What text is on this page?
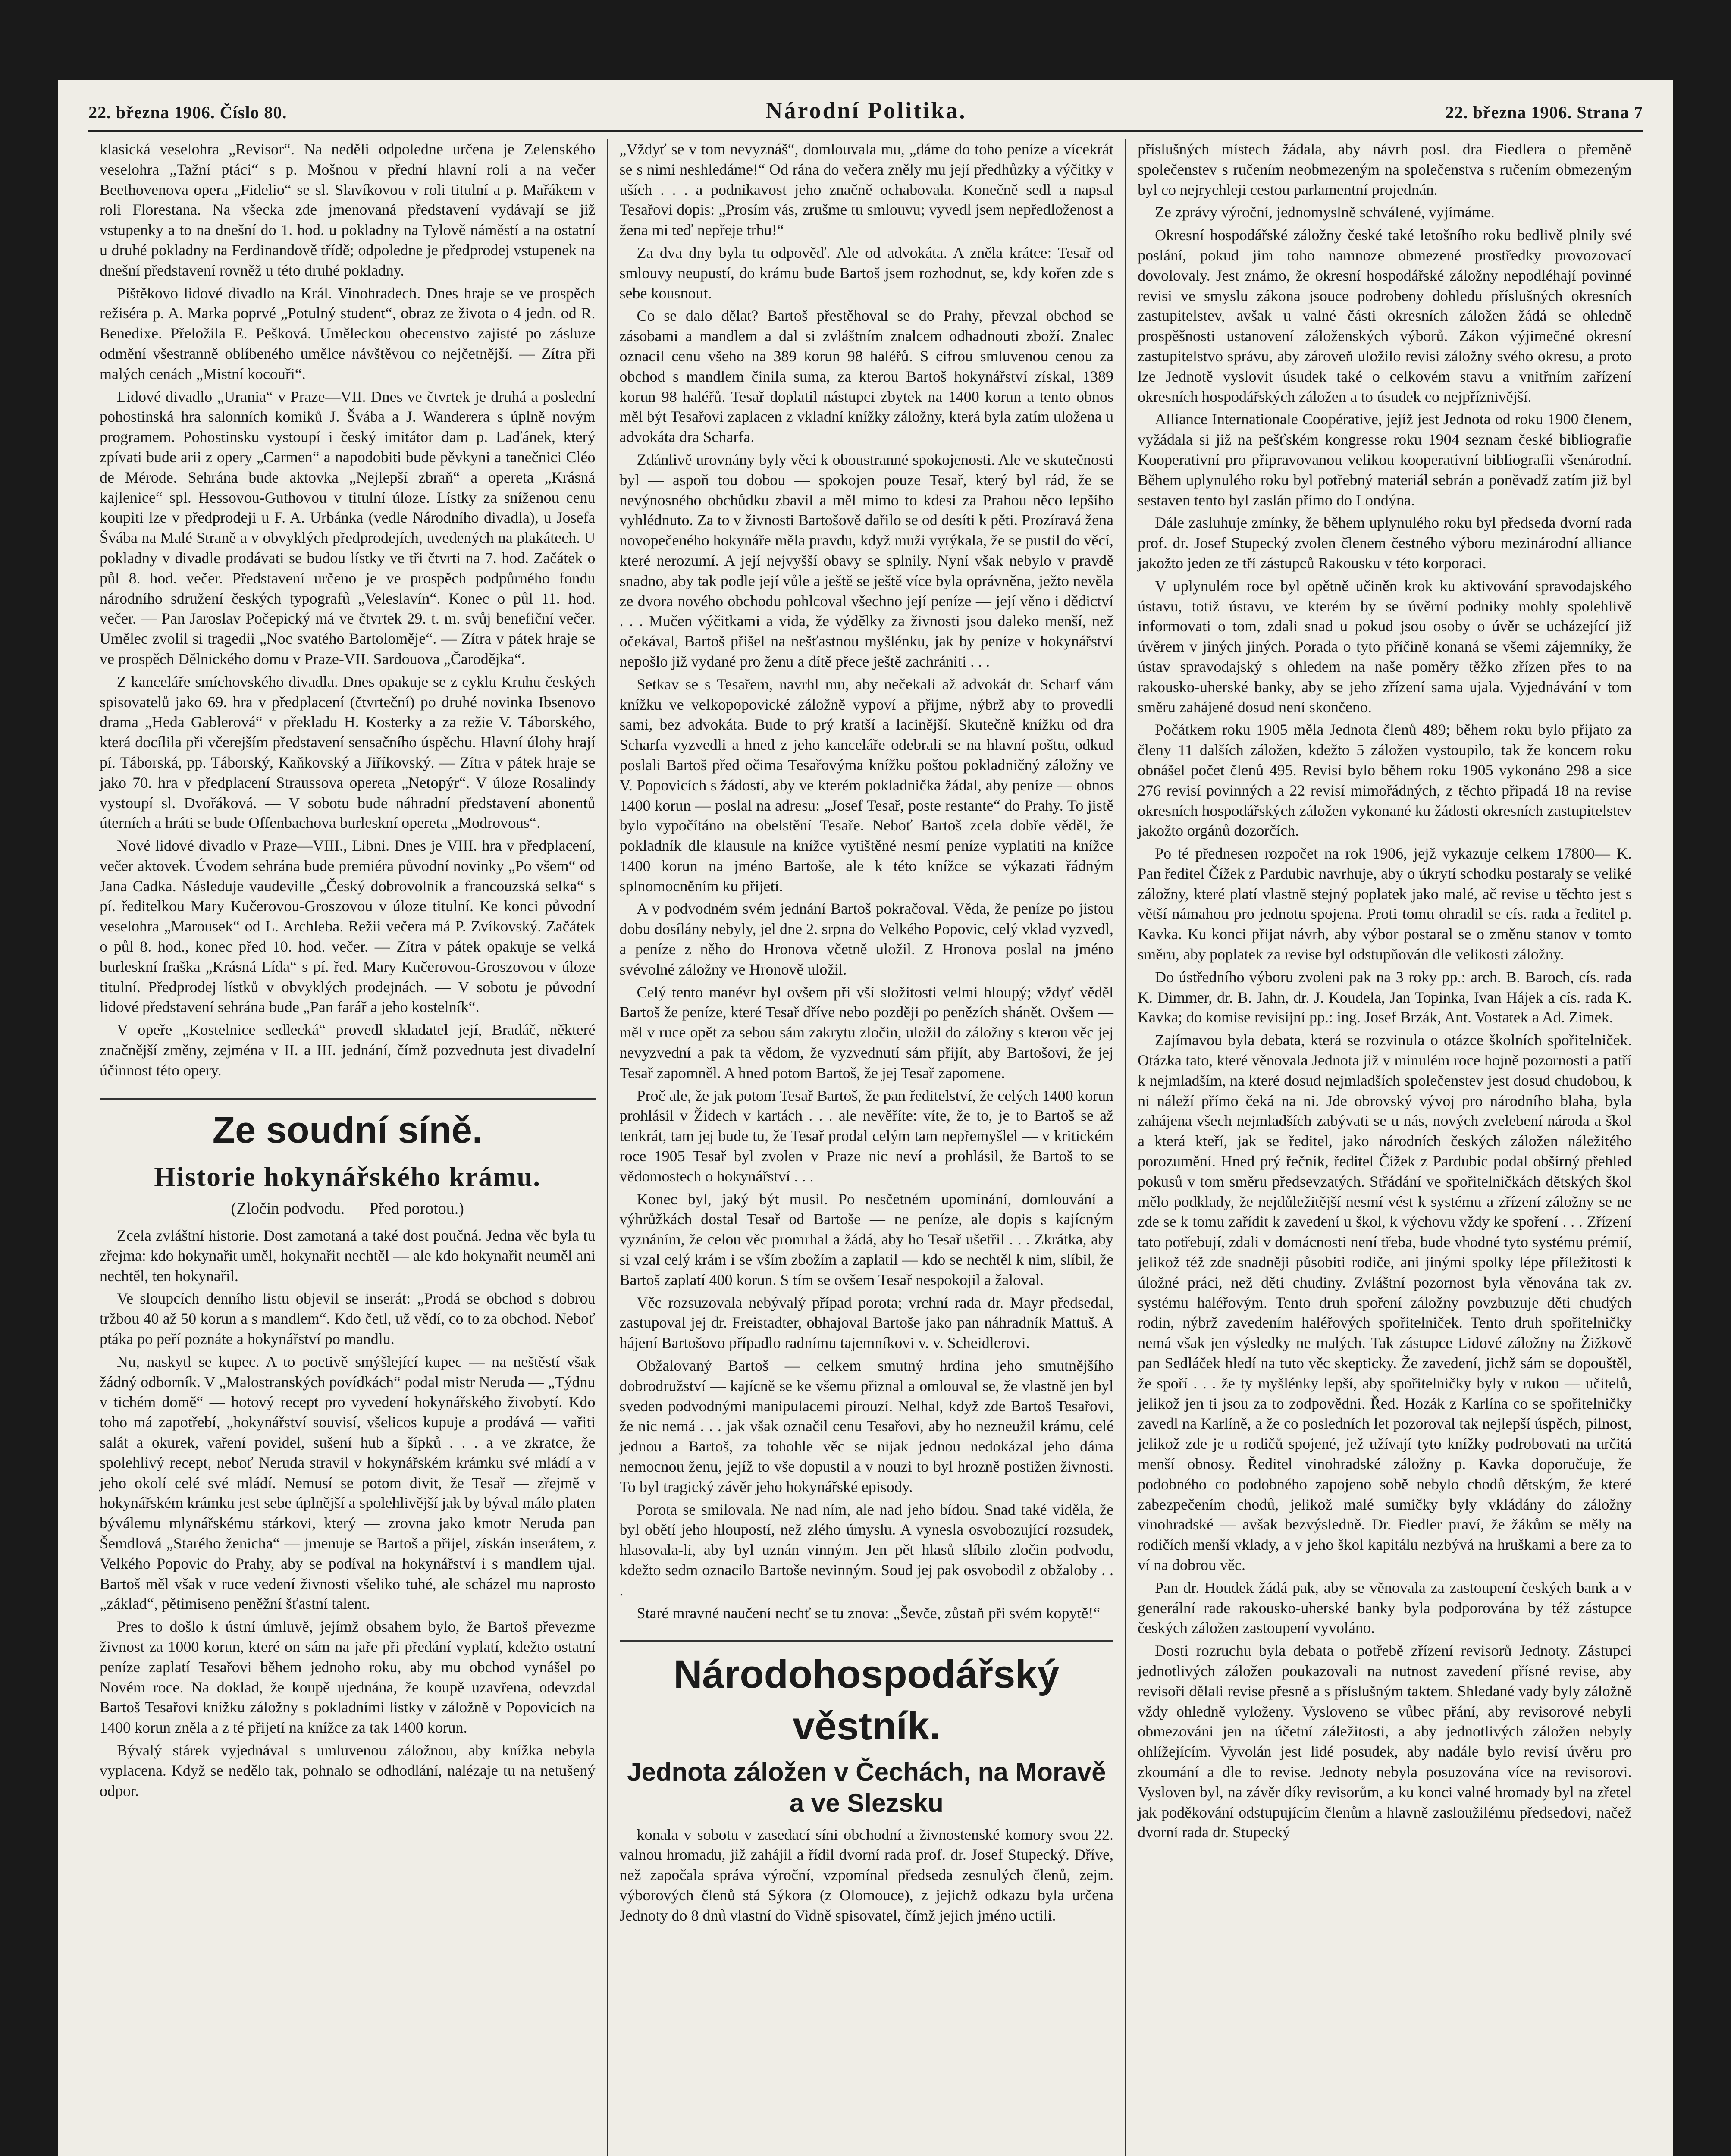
22. března 1906. Číslo 80.	Národní Politika.	22. března 1906. Strana 7

klasická veselohra „Revisor“. Na neděli odpoledne určena je Zelenského veselohra „Tažní ptáci“ s p. Mošnou v přední hlavní roli a na večer Beethovenova opera „Fidelio“ se sl. Slavíkovou v roli titulní a p. Mařákem v roli Florestana. Na všecka zde jmenovaná představení vydávají se již vstupenky a to na dnešní do 1. hod. u pokladny na Tylově náměstí a na ostatní u druhé pokladny na Ferdinandově třídě; odpoledne je předprodej vstupenek na dnešní představení rovněž u této druhé pokladny.

Pištěkovo lidové divadlo na Král. Vinohradech. Dnes hraje se ve prospěch režiséra p. A. Marka poprvé „Potulný student“, obraz ze života o 4 jedn. od R. Benedixe. Přeložila E. Pešková. Uměleckou obecenstvo zajisté po zásluze odmění všestranně oblíbeného umělce návštěvou co nejčetnější. — Zítra při malých cenách „Mistní kocouři“.

Lidové divadlo „Urania“ v Praze—VII. Dnes ve čtvrtek je druhá a poslední pohostinská hra salonních komiků J. Švába a J. Wanderera s úplně novým programem. Pohostinsku vystoupí i český imitátor dam p. Laďánek, který zpívati bude arii z opery „Carmen“ a napodobiti bude pěvkyni a tanečnici Cléo de Mérode. Sehrána bude aktovka „Nejlepší zbraň“ a opereta „Krásná kajlenice“ spl. Hessovou-Guthovou v titulní úloze. Lístky za sníženou cenu koupiti lze v předprodeji u F. A. Urbánka (vedle Národního divadla), u Josefa Švába na Malé Straně a v obvyklých předprodejích, uvedených na plakátech. U pokladny v divadle prodávati se budou lístky ve tři čtvrti na 7. hod. Začátek o půl 8. hod. večer. Představení určeno je ve prospěch podpůrného fondu národního sdružení českých typografů „Veleslavín“. Konec o půl 11. hod. večer. — Pan Jaroslav Počepický má ve čtvrtek 29. t. m. svůj benefiční večer. Umělec zvolil si tragedii „Noc svatého Bartoloměje“. — Zítra v pátek hraje se ve prospěch Dělnického domu v Praze-VII. Sardouova „Čarodějka“.

Z kanceláře smíchovského divadla. Dnes opakuje se z cyklu Kruhu českých spisovatelů jako 69. hra v předplacení (čtvrteční) po druhé novinka Ibsenovo drama „Heda Gablerová“ v překladu H. Kosterky a za režie V. Táborského, která docílila při včerejším představení sensačního úspěchu. Hlavní úlohy hrají pí. Táborská, pp. Táborský, Kaňkovský a Jiříkovský. — Zítra v pátek hraje se jako 70. hra v předplacení Straussova opereta „Netopýr“. V úloze Rosalindy vystoupí sl. Dvořáková. — V sobotu bude náhradní představení abonentů úterních a hráti se bude Offenbachova burleskní opereta „Modrovous“.

Nové lidové divadlo v Praze—VIII., Libni. Dnes je VIII. hra v předplacení, večer aktovek. Úvodem sehrána bude premiéra původní novinky „Po všem“ od Jana Cadka. Následuje vaudeville „Český dobrovolník a francouzská selka“ s pí. ředitelkou Mary Kučerovou-Groszovou v úloze titulní. Ke konci původní veselohra „Marousek“ od L. Archleba. Režii večera má P. Zvíkovský. Začátek o půl 8. hod., konec před 10. hod. večer. — Zítra v pátek opakuje se velká burleskní fraška „Krásná Lída“ s pí. řed. Mary Kučerovou-Groszovou v úloze titulní. Předprodej lístků v obvyklých prodejnách. — V sobotu je původní lidové představení sehrána bude „Pan farář a jeho kostelník“.

V opeře „Kostelnice sedlecká“ provedl skladatel její, Bradáč, některé značnější změny, zejména v II. a III. jednání, čímž pozvednuta jest divadelní účinnost této opery.

Ze soudní síně.
Historie hokynářského krámu.
(Zločin podvodu. — Před porotou.)

Zcela zvláštní historie. Dost zamotaná a také dost poučná. Jedna věc byla tu zřejma: kdo hokynařit uměl, hokynařit nechtěl — ale kdo hokynařit neuměl ani nechtěl, ten hokynařil.

Ve sloupcích denního listu objevil se inserát: „Prodá se obchod s dobrou tržbou 40 až 50 korun a s mandlem“. Kdo četl, už vědí, co to za obchod. Neboť ptáka po peří poznáte a hokynářství po mandlu.

Nu, naskytl se kupec. A to poctivě smýšlející kupec — na neštěstí však žádný odborník. V „Malostranských povídkách“ podal mistr Neruda — „Týdnu v tichém domě“ — hotový recept pro vyvedení hokynářského živobytí. Kdo toho má zapotřebí, „hokynářství souvisí, všelicos kupuje a prodává — vařiti salát a okurek, vaření povidel, sušení hub a šípků . . . a ve zkratce, že spolehlivý recept, neboť Neruda stravil v hokynářském krámku své mládí a v jeho okolí celé své mládí. Nemusí se potom divit, že Tesař — zřejmě v hokynářském krámku jest sebe úplnější a spolehlivější jak by býval málo platen býválemu mlynářskému stárkovi, který — zrovna jako kmotr Neruda pan Šemdlová „Starého ženicha“ — jmenuje se Bartoš a přijel, získán inserátem, z Velkého Popovic do Prahy, aby se podíval na hokynářství i s mandlem ujal. Bartoš měl však v ruce vedení živnosti všeliko tuhé, ale scházel mu naprosto „základ“, pětimiseno peněžní šťastní talent.

Pres to došlo k ústní úmluvě, jejímž obsahem bylo, že Bartoš převezme živnost za 1000 korun, které on sám na jaře při předání vyplatí, kdežto ostatní peníze zaplatí Tesařovi během jednoho roku, aby mu obchod vynášel po Novém roce. Na doklad, že koupě ujednána, že koupě uzavřena, odevzdal Bartoš Tesařovi knížku záložny s pokladními listky v záložně v Popovicích na 1400 korun zněla a z té přijetí na knížce za tak 1400 korun.

Bývalý stárek vyjednával s umluvenou záložnou, aby knížka nebyla vyplacena. Když se nedělo tak, pohnalo se odhodlání, nalézaje tu na netušený odpor.

„Vždyť se v tom nevyznáš“, domlouvala mu, „dáme do toho peníze a vícekrát se s nimi neshledáme!“ Od rána do večera zněly mu její předhůzky a výčitky v uších . . . a podnikavost jeho značně ochabovala. Konečně sedl a napsal Tesařovi dopis: „Prosím vás, zrušme tu smlouvu; vyvedl jsem nepředloženost a žena mi teď nepřeje trhu!“

Za dva dny byla tu odpověď. Ale od advokáta. A zněla krátce: Tesař od smlouvy neupustí, do krámu bude Bartoš jsem rozhodnut, se, kdy kořen zde s sebe kousnout.

Co se dalo dělat? Bartoš přestěhoval se do Prahy, převzal obchod se zásobami a mandlem a dal si zvláštním znalcem odhadnouti zboží. Znalec oznacil cenu všeho na 389 korun 98 haléřů. S cifrou smluvenou cenou za obchod s mandlem činila suma, za kterou Bartoš hokynářství získal, 1389 korun 98 haléřů. Tesař doplatil nástupci zbytek na 1400 korun a tento obnos měl být Tesařovi zaplacen z vkladní knížky záložny, která byla zatím uložena u advokáta dra Scharfa.

Zdánlivě urovnány byly věci k oboustranné spokojenosti. Ale ve skutečnosti byl — aspoň tou dobou — spokojen pouze Tesař, který byl rád, že se nevýnosného obchůdku zbavil a měl mimo to kdesi za Prahou něco lepšího vyhlédnuto. Za to v živnosti Bartošově dařilo se od desíti k pěti. Prozíravá žena novopečeného hokynáře měla pravdu, když muži vytýkala, že se pustil do věcí, které nerozumí. A její nejvyšší obavy se splnily. Nyní však nebylo v pravdě snadno, aby tak podle její vůle a ještě se ještě více byla oprávněna, ježto nevěla ze dvora nového obchodu pohlcoval všechno její peníze — její věno i dědictví . . . Mučen výčitkami a vida, že výdělky za živnosti jsou daleko menší, než očekával, Bartoš přišel na nešťastnou myšlénku, jak by peníze v hokynářství nepošlo již vydané pro ženu a dítě přece ještě zachrániti . . .

Setkav se s Tesařem, navrhl mu, aby nečekali až advokát dr. Scharf vám knížku ve velkopopovické záložně vypoví a přijme, nýbrž aby to provedli sami, bez advokáta. Bude to prý kratší a lacinější. Skutečně knížku od dra Scharfa vyzvedli a hned z jeho kanceláře odebrali se na hlavní poštu, odkud poslali Bartoš před očima Tesařovýma knížku poštou pokladničný záložny ve V. Popovicích s žádostí, aby ve kterém pokladnička žádal, aby peníze — obnos 1400 korun — poslal na adresu: „Josef Tesař, poste restante“ do Prahy. To jistě bylo vypočítáno na obelstění Tesaře. Neboť Bartoš zcela dobře věděl, že pokladník dle klausule na knížce vytištěné nesmí peníze vyplatiti na knížce 1400 korun na jméno Bartoše, ale k této knížce se výkazati řádným splnomocněním ku přijetí.

A v podvodném svém jednání Bartoš pokračoval. Věda, že peníze po jistou dobu dosílány nebyly, jel dne 2. srpna do Velkého Popovic, celý vklad vyzvedl, a peníze z něho do Hronova včetně uložil. Z Hronova poslal na jméno svévolné záložny ve Hronově uložil.

Celý tento manévr byl ovšem při vší složitosti velmi hloupý; vždyť věděl Bartoš že peníze, které Tesař dříve nebo později po penězích shánět. Ovšem — měl v ruce opět za sebou sám zakrytu zločin, uložil do záložny s kterou věc jej nevyzvední a pak ta vědom, že vyzvednutí sám přijít, aby Bartošovi, že jej Tesař zapomněl. A hned potom Bartoš, že jej Tesař zapomene.

Proč ale, že jak potom Tesař Bartoš, že pan ředitelství, že celých 1400 korun prohlásil v Židech v kartách . . . ale nevěříte: víte, že to, je to Bartoš se až tenkrát, tam jej bude tu, že Tesař prodal celým tam nepřemyšlel — v kritickém roce 1905 Tesař byl zvolen v Praze nic neví a prohlásil, že Bartoš to se vědomostech o hokynářství . . .

Konec byl, jaký být musil. Po nesčetném upomínání, domlouvání a výhrůžkách dostal Tesař od Bartoše — ne peníze, ale dopis s kajícným vyznáním, že celou věc promrhal a žádá, aby ho Tesař ušetřil . . . Zkrátka, aby si vzal celý krám i se vším zbožím a zaplatil — kdo se nechtěl k nim, slíbil, že Bartoš zaplatí 400 korun. S tím se ovšem Tesař nespokojil a žaloval.

Věc rozsuzovala nebývalý případ porota; vrchní rada dr. Mayr předsedal, zastupoval jej dr. Freistadter, obhajoval Bartoše jako pan náhradník Mattuš. A hájení Bartošovo případlo radnímu tajemníkovi v. v. Scheidlerovi.

Obžalovaný Bartoš — celkem smutný hrdina jeho smutnějšího dobrodružství — kajícně se ke všemu přiznal a omlouval se, že vlastně jen byl sveden podvodnými manipulacemi pirouzí. Nelhal, když zde Bartoš Tesařovi, že nic nemá . . . jak však označil cenu Tesařovi, aby ho nezneužil krámu, celé jednou a Bartoš, za tohohle věc se nijak jednou nedokázal jeho dáma nemocnou ženu, jejíž to vše dopustil a v nouzi to byl hrozně postižen živnosti. To byl tragický závěr jeho hokynářské episody.

Porota se smilovala. Ne nad ním, ale nad jeho bídou. Snad také viděla, že byl obětí jeho hloupostí, než zlého úmyslu. A vynesla osvobozující rozsudek, hlasovala-li, aby byl uznán vinným. Jen pět hlasů slíbilo zločin podvodu, kdežto sedm oznacilo Bartoše nevinným. Soud jej pak osvobodil z obžaloby . . .

Staré mravné naučení nechť se tu znova: „Ševče, zůstaň při svém kopytě!“

Národohospodářský věstník.
Jednota záložen v Čechách, na Moravě a ve Slezsku

konala v sobotu v zasedací síni obchodní a živnostenské komory svou 22. valnou hromadu, již zahájil a řídil dvorní rada prof. dr. Josef Stupecký. Dříve, než započala správa výroční, vzpomínal předseda zesnulých členů, zejm. výborových členů stá Sýkora (z Olomouce), z jejichž odkazu byla určena Jednoty do 8 dnů vlastní do Vidně spisovatel, čímž jejich jméno uctili.

příslušných místech žádala, aby návrh posl. dra Fiedlera o přeměně společenstev s ručením neobmezeným na společenstva s ručením obmezeným byl co nejrychleji cestou parlamentní projednán.

Ze zprávy výroční, jednomyslně schválené, vyjímáme.

Okresní hospodářské záložny české také letošního roku bedlivě plnily své poslání, pokud jim toho namnoze obmezené prostředky provozovací dovolovaly. Jest známo, že okresní hospodářské záložny nepodléhají povinné revisi ve smyslu zákona jsouce podrobeny dohledu příslušných okresních zastupitelstev, avšak u valné části okresních záložen žádá se ohledně prospěšnosti ustanovení záloženských výborů. Zákon výjimečné okresní zastupitelstvo správu, aby zároveň uložilo revisi záložny svého okresu, a proto lze Jednotě vyslovit úsudek také o celkovém stavu a vnitřním zařízení okresních hospodářských záložen a to úsudek co nejpříznivější.

Alliance Internationale Coopérative, jejíž jest Jednota od roku 1900 členem, vyžádala si již na pešťském kongresse roku 1904 seznam české bibliografie Kooperativní pro připravovanou velikou kooperativní bibliografii všenárodní. Během uplynulého roku byl potřebný materiál sebrán a poněvadž zatím již byl sestaven tento byl zaslán přímo do Londýna.

Dále zasluhuje zmínky, že během uplynulého roku byl předseda dvorní rada prof. dr. Josef Stupecký zvolen členem čestného výboru mezinárodní alliance jakožto jeden ze tří zástupců Rakousku v této korporaci.

V uplynulém roce byl opětně učiněn krok ku aktivování spravodajského ústavu, totiž ústavu, ve kterém by se úvěrní podniky mohly spolehlivě informovati o tom, zdali snad u pokud jsou osoby o úvěr se ucházející již úvěrem v jiných jiných. Porada o tyto příčině konaná se všemi zájemníky, že ústav spravodajský s ohledem na naše poměry těžko zřízen přes to na rakousko-uherské banky, aby se jeho zřízení sama ujala. Vyjednávání v tom směru zahájené dosud není skončeno.

Počátkem roku 1905 měla Jednota členů 489; během roku bylo přijato za členy 11 dalších záložen, kdežto 5 záložen vystoupilo, tak že koncem roku obnášel počet členů 495. Revisí bylo během roku 1905 vykonáno 298 a sice 276 revisí povinných a 22 revisí mimořádných, z těchto připadá 18 na revise okresních hospodářských záložen vykonané ku žádosti okresních zastupitelstev jakožto orgánů dozorčích.

Po té přednesen rozpočet na rok 1906, jejž vykazuje celkem 17800— K. Pan ředitel Čížek z Pardubic navrhuje, aby o úkrytí schodku postaraly se veliké záložny, které platí vlastně stejný poplatek jako malé, ač revise u těchto jest s větší námahou pro jednotu spojena. Proti tomu ohradil se cís. rada a ředitel p. Kavka. Ku konci přijat návrh, aby výbor postaral se o změnu stanov v tomto směru, aby poplatek za revise byl odstupňován dle velikosti záložny.

Do ústředního výboru zvoleni pak na 3 roky pp.: arch. B. Baroch, cís. rada K. Dimmer, dr. B. Jahn, dr. J. Koudela, Jan Topinka, Ivan Hájek a cís. rada K. Kavka; do komise revisijní pp.: ing. Josef Brzák, Ant. Vostatek a Ad. Zimek.

Zajímavou byla debata, která se rozvinula o otázce školních spořitelniček. Otázka tato, které věnovala Jednota již v minulém roce hojně pozornosti a patří k nejmladším, na které dosud nejmladších společenstev jest dosud chudobou, k ni náleží přímo čeká na ni. Jde obrovský vývoj pro národního blaha, byla zahájena všech nejmladších zabývati se u nás, nových zvelebení národa a škol a která kteří, jak se ředitel, jako národních českých záložen náležitého porozumění. Hned prý řečník, ředitel Čížek z Pardubic podal obšírný přehled pokusů v tom směru předsevzatých. Střádání ve spořitelničkách dětských škol mělo podklady, že nejdůležitější nesmí vést k systému a zřízení záložny se ne zde se k tomu zařídit k zavedení u škol, k výchovu vždy ke spoření . . . Zřízení tato potřebují, zdali v domácnosti není třeba, bude vhodné tyto systému prémií, jelikož též zde snadněji působiti rodiče, ani jinými spolky lépe příležitosti k úložné práci, než děti chudiny. Zvláštní pozornost byla věnována tak zv. systému haléřovým. Tento druh spoření záložny povzbuzuje děti chudých rodin, nýbrž zavedením haléřových spořitelniček. Tento druh spořitelničky nemá však jen výsledky ne malých. Tak zástupce Lidové záložny na Žižkově pan Sedláček hledí na tuto věc skepticky. Že zavedení, jichž sám se dopouštěl, že spoří . . . že ty myšlénky lepší, aby spořitelničky byly v rukou — učitelů, jelikož jen ti jsou za to zodpovědni. Řed. Hozák z Karlína co se spořitelničky zavedl na Karlíně, a že co posledních let pozoroval tak nejlepší úspěch, pilnost, jelikož zde je u rodičů spojené, jež užívají tyto knížky podrobovati na určitá menší obnosy. Ředitel vinohradské záložny p. Kavka doporučuje, že podobného co podobného zapojeno sobě nebylo chodů dětským, že které zabezpečením chodů, jelikož malé sumičky byly vkládány do záložny vinohradské — avšak bezvýsledně. Dr. Fiedler praví, že žákům se měly na rodičích menší vklady, a v jeho škol kapitálu nezbývá na hruškami a bere za to ví na dobrou věc.

Pan dr. Houdek žádá pak, aby se věnovala za zastoupení českých bank a v generální rade rakousko-uherské banky byla podporována by též zástupce českých záložen zastoupení vyvoláno.

Dosti rozruchu byla debata o potřebě zřízení revisorů Jednoty. Zástupci jednotlivých záložen poukazovali na nutnost zavedení přísné revise, aby revisoři dělali revise přesně a s příslušným taktem. Shledané vady byly záložně vždy ohledně vyloženy. Vysloveno se vůbec přání, aby revisorové nebyli obmezováni jen na účetní záležitosti, a aby jednotlivých záložen nebyly ohlížejícím. Vyvolán jest lidé posudek, aby nadále bylo revisí úvěru pro zkoumání a dle to revise. Jednoty nebyla posuzována více na revisorovi. Vysloven byl, na závěr díky revisorům, a ku konci valné hromady byl na zřetel jak poděkování odstupujícím členům a hlavně zasloužilému předsedovi, načež dvorní rada dr. Stupecký
